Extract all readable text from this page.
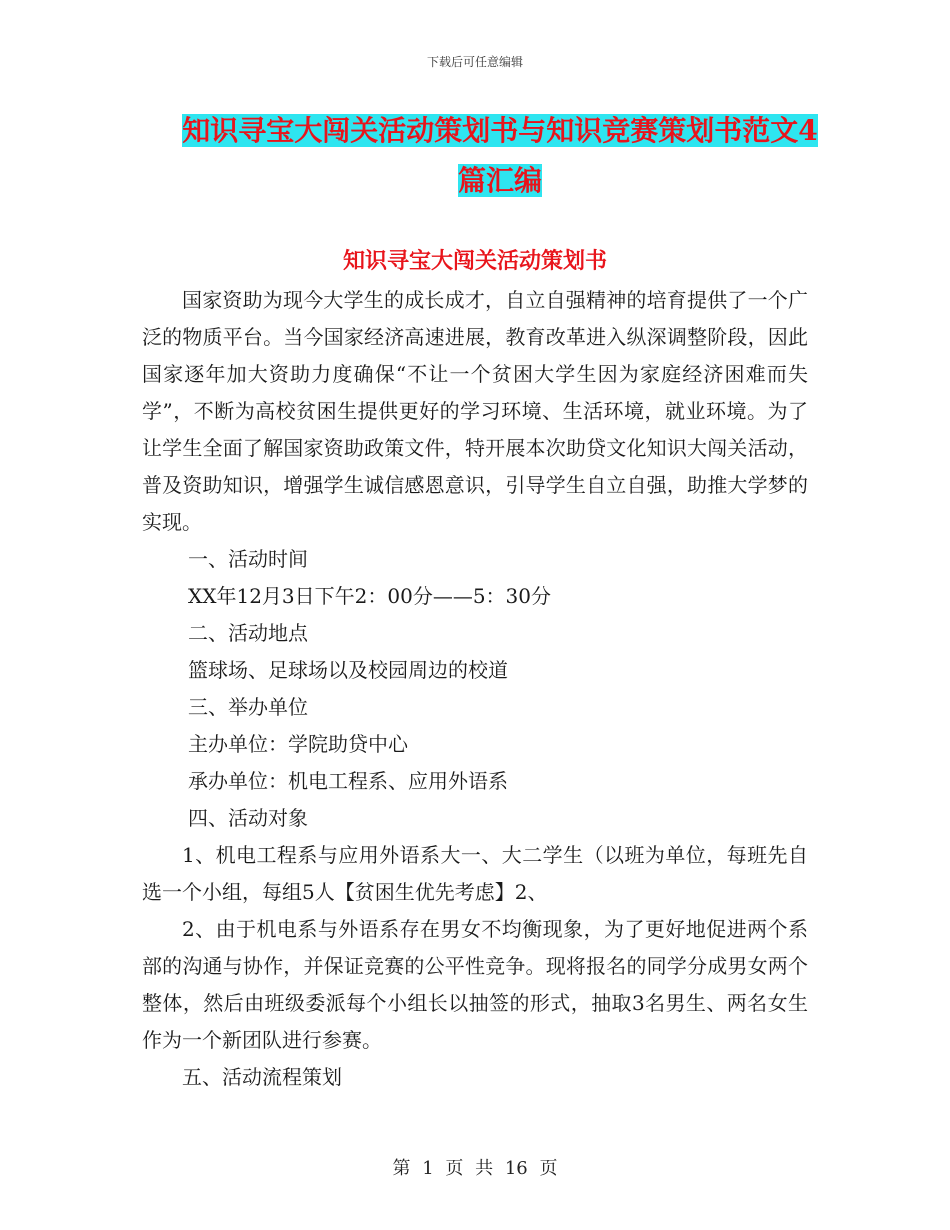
下载后可任意编辑
知识寻宝大闯关活动策划书与知识竞赛策划书范文4
篇汇编
知识寻宝大闯关活动策划书

国家资助为现今大学生的成长成才，自立自强精神的培育提供了一个广泛的物质平台。当今国家经济高速进展，教育改革进入纵深调整阶段，因此国家逐年加大资助力度确保“不让一个贫困大学生因为家庭经济困难而失学”，不断为高校贫困生提供更好的学习环境、生活环境，就业环境。为了让学生全面了解国家资助政策文件，特开展本次助贷文化知识大闯关活动，普及资助知识，增强学生诚信感恩意识，引导学生自立自强，助推大学梦的实现。

一、活动时间

XX年12月3日下午2：00分——5：30分

二、活动地点

篮球场、足球场以及校园周边的校道

三、举办单位

主办单位：学院助贷中心

承办单位：机电工程系、应用外语系

四、活动对象

1、机电工程系与应用外语系大一、大二学生（以班为单位，每班先自选一个小组，每组5人【贫困生优先考虑】2、

2、由于机电系与外语系存在男女不均衡现象，为了更好地促进两个系部的沟通与协作，并保证竞赛的公平性竞争。现将报名的同学分成男女两个整体，然后由班级委派每个小组长以抽签的形式，抽取3名男生、两名女生作为一个新团队进行参赛。

五、活动流程策划

第 1 页 共 16 页
